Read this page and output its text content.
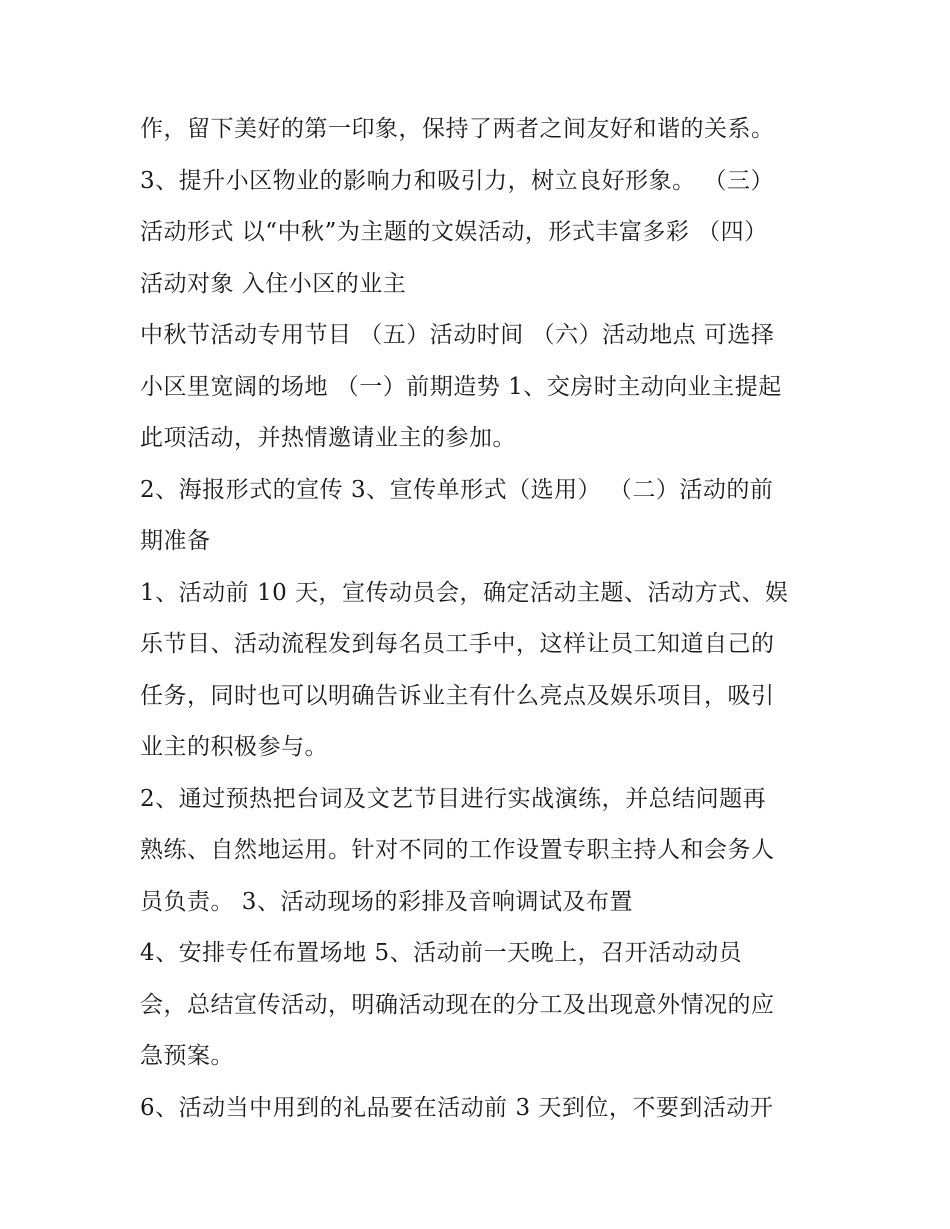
作，留下美好的第一印象，保持了两者之间友好和谐的关系。
3、提升小区物业的影响力和吸引力，树立良好形象。 （三）
活动形式 以“中秋”为主题的文娱活动，形式丰富多彩 （四）
活动对象 入住小区的业主
中秋节活动专用节目 （五）活动时间 （六）活动地点 可选择
小区里宽阔的场地 （一）前期造势 1、交房时主动向业主提起
此项活动，并热情邀请业主的参加。
2、海报形式的宣传 3、宣传单形式（选用） （二）活动的前
期准备
1、活动前 10 天，宣传动员会，确定活动主题、活动方式、娱
乐节目、活动流程发到每名员工手中，这样让员工知道自己的
任务，同时也可以明确告诉业主有什么亮点及娱乐项目，吸引
业主的积极参与。
2、通过预热把台词及文艺节目进行实战演练，并总结问题再
熟练、自然地运用。针对不同的工作设置专职主持人和会务人
员负责。 3、活动现场的彩排及音响调试及布置
4、安排专任布置场地 5、活动前一天晚上，召开活动动员
会，总结宣传活动，明确活动现在的分工及出现意外情况的应
急预案。
6、活动当中用到的礼品要在活动前 3 天到位，不要到活动开
